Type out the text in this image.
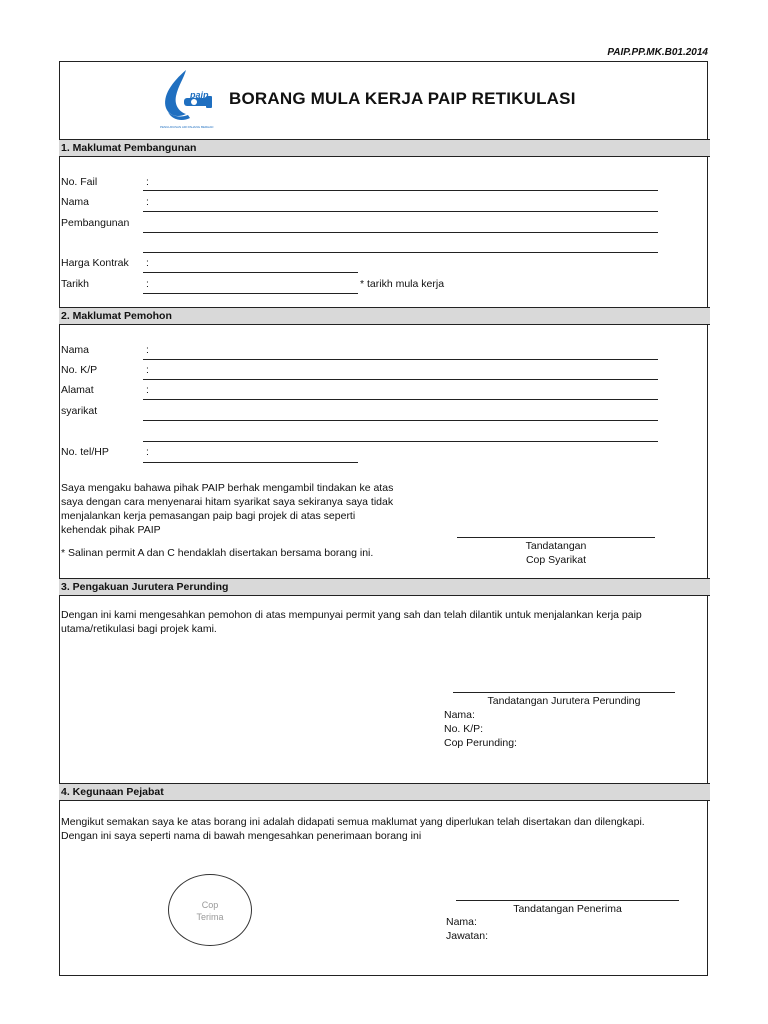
PAIP.PP.MK.B01.2014
paip
PENGURUSAN AIR PAHANG BERHAD
BORANG MULA KERJA PAIP RETIKULASI
1. Maklumat Pembangunan
No. Fail	:
Nama	:
Pembangunan
Harga Kontrak :
Tarikh	:	* tarikh mula kerja
2. Maklumat Pemohon
Nama	:
No. K/P	:
Alamat	:
syarikat
No. tel/HP	:
Saya mengaku bahawa pihak PAIP berhak mengambil tindakan ke atas
saya dengan cara menyenarai hitam syarikat saya sekiranya saya tidak
menjalankan kerja pemasangan paip bagi projek di atas seperti
kehendak pihak PAIP
* Salinan permit A dan C hendaklah disertakan bersama borang ini.
Tandatangan
Cop Syarikat
3. Pengakuan Jurutera Perunding
Dengan ini kami mengesahkan pemohon di atas mempunyai permit yang sah dan telah dilantik untuk menjalankan kerja paip
utama/retikulasi bagi projek kami.
Tandatangan Jurutera Perunding
Nama:
No. K/P:
Cop Perunding:
4. Kegunaan Pejabat
Mengikut semakan saya ke atas borang ini adalah didapati semua maklumat yang diperlukan telah disertakan dan dilengkapi.
Dengan ini saya seperti nama di bawah mengesahkan penerimaan borang ini
Cop
Terima
Tandatangan Penerima
Nama:
Jawatan:
